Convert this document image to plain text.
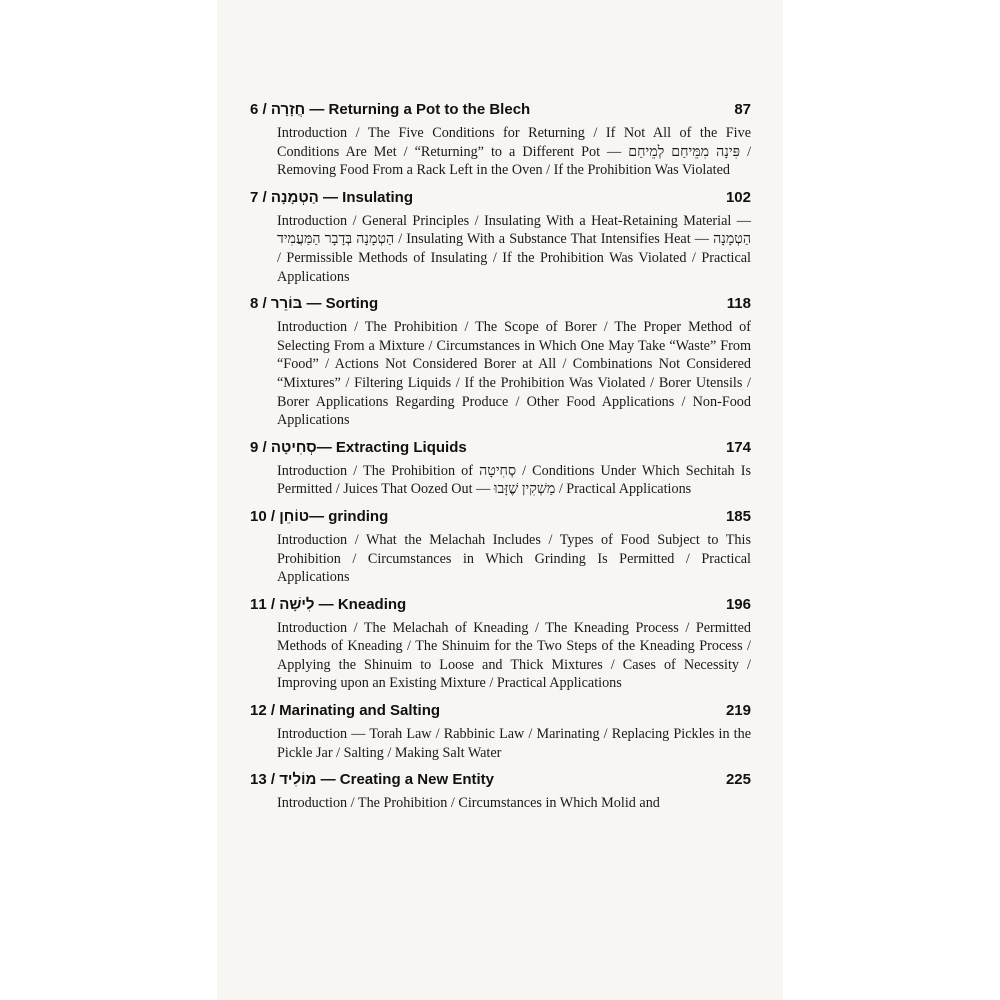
6 / חֲזָרָה — Returning a Pot to the Blech	87
Introduction / The Five Conditions for Returning / If Not All of the Five Conditions Are Met / “Returning” to a Different Pot — פִּינָה מִמֵּיחַם לְמֵיחַם / Removing Food From a Rack Left in the Oven / If the Prohibition Was Violated
7 / הַטְמָנָה — Insulating	102
Introduction / General Principles / Insulating With a Heat-Retaining Material — הַטְמָנָה בְּדָבָר הַמַּעֲמִיד / Insulating With a Substance That Intensifies Heat — הַטְמָנָה / Permissible Methods of Insulating / If the Prohibition Was Violated / Practical Applications
8 / בּוֹרֵר — Sorting	118
Introduction / The Prohibition / The Scope of Borer / The Proper Method of Selecting From a Mixture / Circumstances in Which One May Take “Waste” From “Food” / Actions Not Considered Borer at All / Combinations Not Considered “Mixtures” / Filtering Liquids / If the Prohibition Was Violated / Borer Utensils / Borer Applications Regarding Produce / Other Food Applications / Non-Food Applications
9 / סְחִיטָה— Extracting Liquids	174
Introduction / The Prohibition of סְחִיטָה / Conditions Under Which Sechitah Is Permitted / Juices That Oozed Out — מַשְׁקִין שֶׁזָּבוּ / Practical Applications
10 / טוֹחֵן— grinding	185
Introduction / What the Melachah Includes / Types of Food Subject to This Prohibition / Circumstances in Which Grinding Is Permitted / Practical Applications
11 / לִישָׁה — Kneading	196
Introduction / The Melachah of Kneading / The Kneading Process / Permitted Methods of Kneading / The Shinuim for the Two Steps of the Kneading Process / Applying the Shinuim to Loose and Thick Mixtures / Cases of Necessity / Improving upon an Existing Mixture / Practical Applications
12 / Marinating and Salting	219
Introduction — Torah Law / Rabbinic Law / Marinating / Replacing Pickles in the Pickle Jar / Salting / Making Salt Water
13 / מוֹלִיד — Creating a New Entity	225
Introduction / The Prohibition / Circumstances in Which Molid and
